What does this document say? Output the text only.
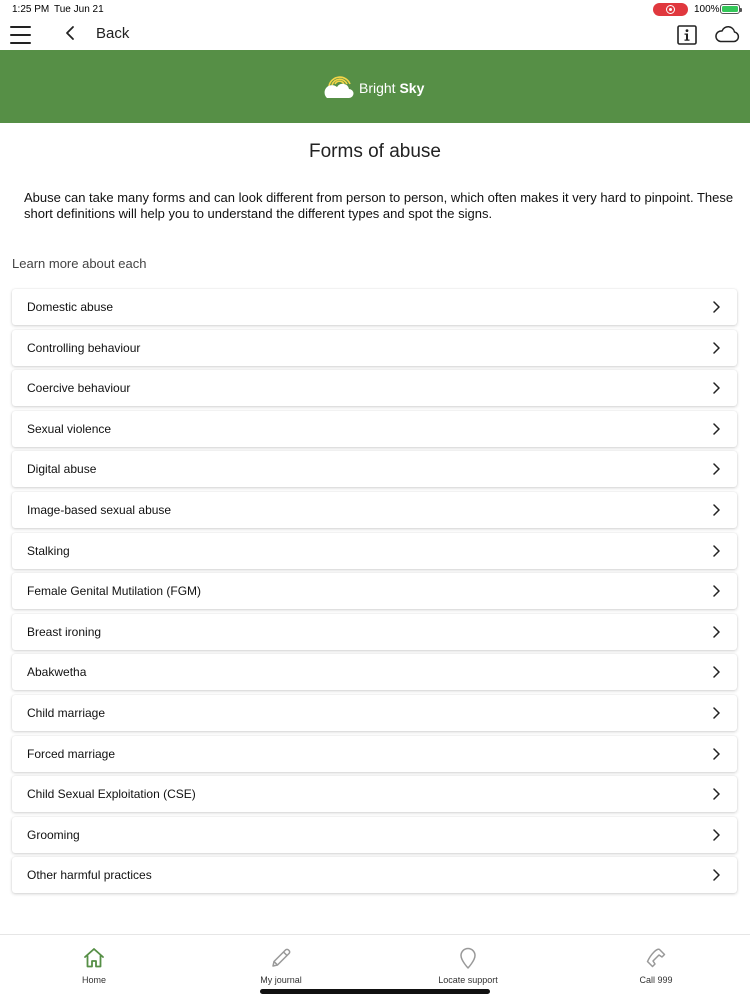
1:25 PM Tue Jun 21	100%
Back
Bright Sky
Forms of abuse

Abuse can take many forms and can look different from person to person, which often makes it very hard to pinpoint. These short definitions will help you to understand the different types and spot the signs.

Learn more about each
Domestic abuse
Controlling behaviour
Coercive behaviour
Sexual violence
Digital abuse
Image-based sexual abuse
Stalking
Female Genital Mutilation (FGM)
Breast ironing
Abakwetha
Child marriage
Forced marriage
Child Sexual Exploitation (CSE)
Grooming
Other harmful practices
Home	My journal	Locate support	Call 999
